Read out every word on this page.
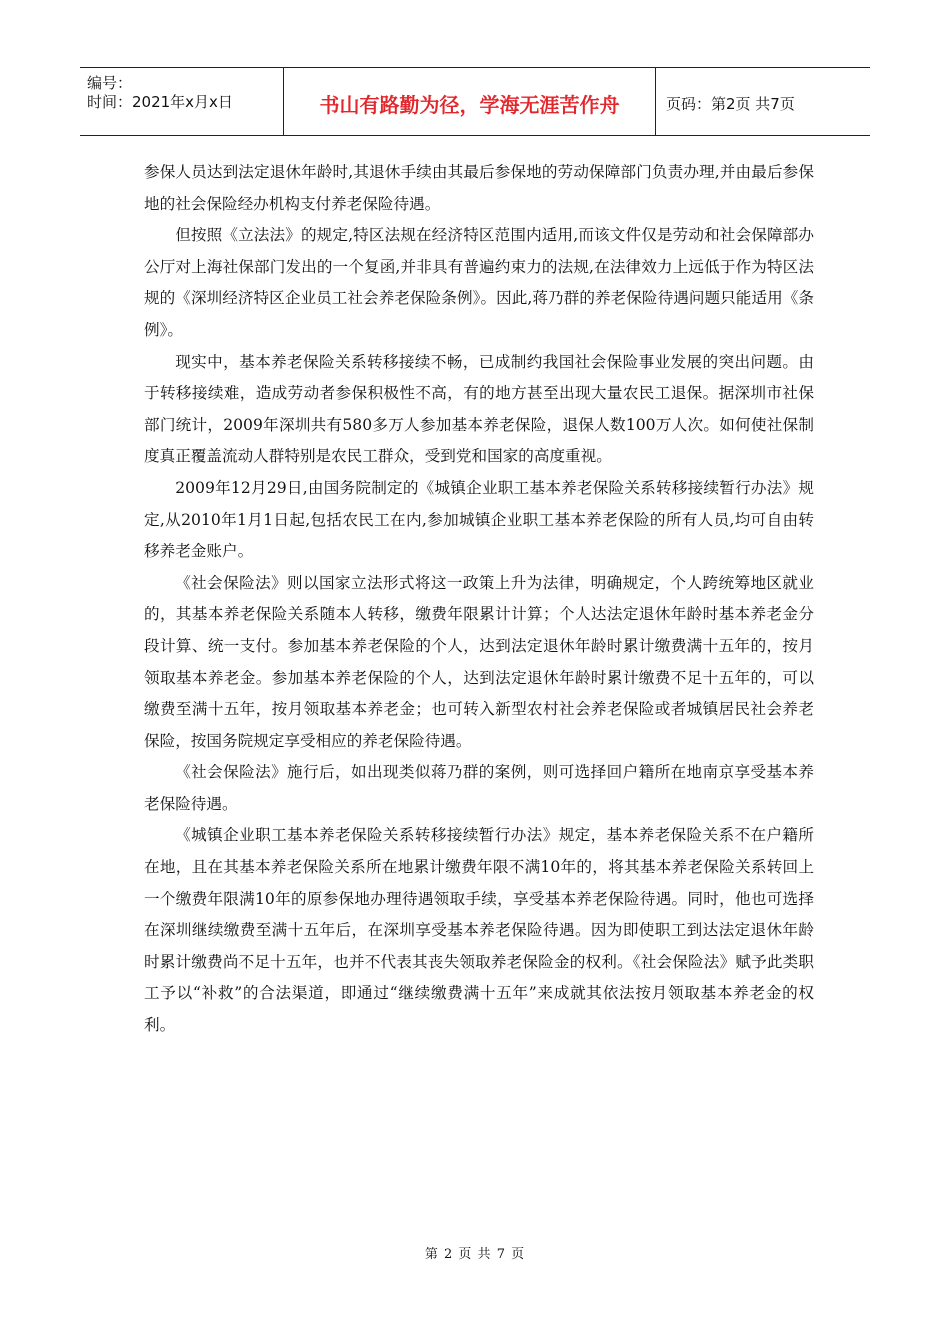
编号：
时间：2021年x月x日	书山有路勤为径，学海无涯苦作舟	页码：第2页 共7页

参保人员达到法定退休年龄时,其退休手续由其最后参保地的劳动保障部门负责办理,并由最后参保地的社会保险经办机构支付养老保险待遇。

但按照《立法法》的规定,特区法规在经济特区范围内适用,而该文件仅是劳动和社会保障部办公厅对上海社保部门发出的一个复函,并非具有普遍约束力的法规,在法律效力上远低于作为特区法规的《深圳经济特区企业员工社会养老保险条例》。因此,蒋乃群的养老保险待遇问题只能适用《条例》。

现实中，基本养老保险关系转移接续不畅，已成制约我国社会保险事业发展的突出问题。由于转移接续难，造成劳动者参保积极性不高，有的地方甚至出现大量农民工退保。据深圳市社保部门统计，2009年深圳共有580多万人参加基本养老保险，退保人数100万人次。如何使社保制度真正覆盖流动人群特别是农民工群众，受到党和国家的高度重视。

2009年12月29日,由国务院制定的《城镇企业职工基本养老保险关系转移接续暂行办法》规定,从2010年1月1日起,包括农民工在内,参加城镇企业职工基本养老保险的所有人员,均可自由转移养老金账户。

《社会保险法》则以国家立法形式将这一政策上升为法律，明确规定，个人跨统筹地区就业的，其基本养老保险关系随本人转移，缴费年限累计计算；个人达法定退休年龄时基本养老金分段计算、统一支付。参加基本养老保险的个人，达到法定退休年龄时累计缴费满十五年的，按月领取基本养老金。参加基本养老保险的个人，达到法定退休年龄时累计缴费不足十五年的，可以缴费至满十五年，按月领取基本养老金；也可转入新型农村社会养老保险或者城镇居民社会养老保险，按国务院规定享受相应的养老保险待遇。

《社会保险法》施行后，如出现类似蒋乃群的案例，则可选择回户籍所在地南京享受基本养老保险待遇。

《城镇企业职工基本养老保险关系转移接续暂行办法》规定，基本养老保险关系不在户籍所在地，且在其基本养老保险关系所在地累计缴费年限不满10年的，将其基本养老保险关系转回上一个缴费年限满10年的原参保地办理待遇领取手续，享受基本养老保险待遇。同时，他也可选择在深圳继续缴费至满十五年后，在深圳享受基本养老保险待遇。因为即使职工到达法定退休年龄时累计缴费尚不足十五年，也并不代表其丧失领取养老保险金的权利。《社会保险法》赋予此类职工予以“补救”的合法渠道，即通过“继续缴费满十五年”来成就其依法按月领取基本养老金的权利。

第 2 页 共 7 页
